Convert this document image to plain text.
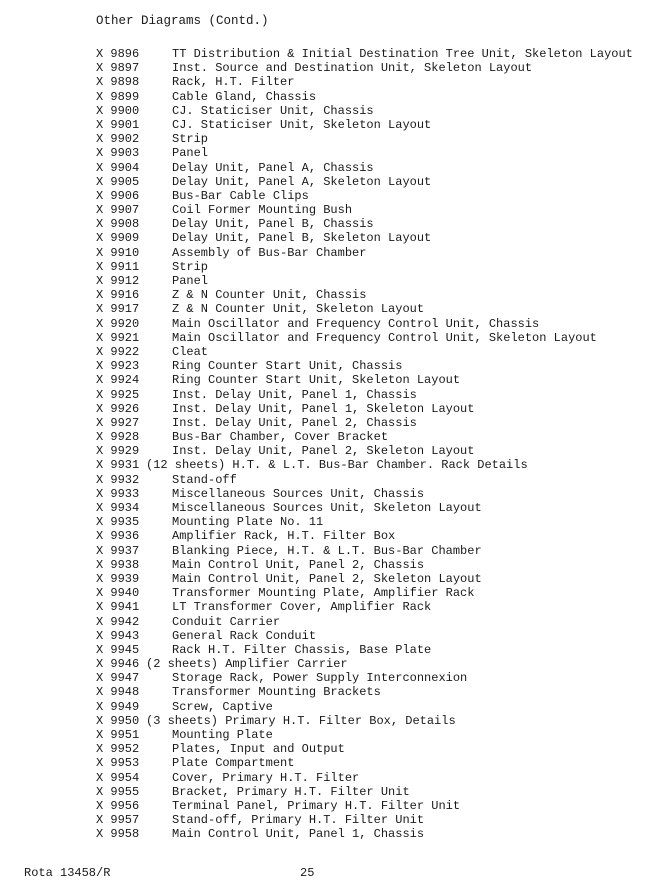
Other Diagrams (Contd.)
X 9896	TT Distribution & Initial Destination Tree Unit, Skeleton Layout
X 9897	Inst. Source and Destination Unit, Skeleton Layout
X 9898	Rack, H.T. Filter
X 9899	Cable Gland, Chassis
X 9900	CJ. Staticiser Unit, Chassis
X 9901	CJ. Staticiser Unit, Skeleton Layout
X 9902	Strip
X 9903	Panel
X 9904	Delay Unit, Panel A, Chassis
X 9905	Delay Unit, Panel A, Skeleton Layout
X 9906	Bus-Bar Cable Clips
X 9907	Coil Former Mounting Bush
X 9908	Delay Unit, Panel B, Chassis
X 9909	Delay Unit, Panel B, Skeleton Layout
X 9910	Assembly of Bus-Bar Chamber
X 9911	Strip
X 9912	Panel
X 9916	Z & N Counter Unit, Chassis
X 9917	Z & N Counter Unit, Skeleton Layout
X 9920	Main Oscillator and Frequency Control Unit, Chassis
X 9921	Main Oscillator and Frequency Control Unit, Skeleton Layout
X 9922	Cleat
X 9923	Ring Counter Start Unit, Chassis
X 9924	Ring Counter Start Unit, Skeleton Layout
X 9925	Inst. Delay Unit, Panel 1, Chassis
X 9926	Inst. Delay Unit, Panel 1, Skeleton Layout
X 9927	Inst. Delay Unit, Panel 2, Chassis
X 9928	Bus-Bar Chamber, Cover Bracket
X 9929	Inst. Delay Unit, Panel 2, Skeleton Layout
X 9931 (12 sheets) H.T. & L.T. Bus-Bar Chamber. Rack Details
X 9932	Stand-off
X 9933	Miscellaneous Sources Unit, Chassis
X 9934	Miscellaneous Sources Unit, Skeleton Layout
X 9935	Mounting Plate No. 11
X 9936	Amplifier Rack, H.T. Filter Box
X 9937	Blanking Piece, H.T. & L.T. Bus-Bar Chamber
X 9938	Main Control Unit, Panel 2, Chassis
X 9939	Main Control Unit, Panel 2, Skeleton Layout
X 9940	Transformer Mounting Plate, Amplifier Rack
X 9941	LT Transformer Cover, Amplifier Rack
X 9942	Conduit Carrier
X 9943	General Rack Conduit
X 9945	Rack H.T. Filter Chassis, Base Plate
X 9946 (2 sheets) Amplifier Carrier
X 9947	Storage Rack, Power Supply Interconnexion
X 9948	Transformer Mounting Brackets
X 9949	Screw, Captive
X 9950 (3 sheets) Primary H.T. Filter Box, Details
X 9951	Mounting Plate
X 9952	Plates, Input and Output
X 9953	Plate Compartment
X 9954	Cover, Primary H.T. Filter
X 9955	Bracket, Primary H.T. Filter Unit
X 9956	Terminal Panel, Primary H.T. Filter Unit
X 9957	Stand-off, Primary H.T. Filter Unit
X 9958	Main Control Unit, Panel 1, Chassis
Rota 13458/R	25
